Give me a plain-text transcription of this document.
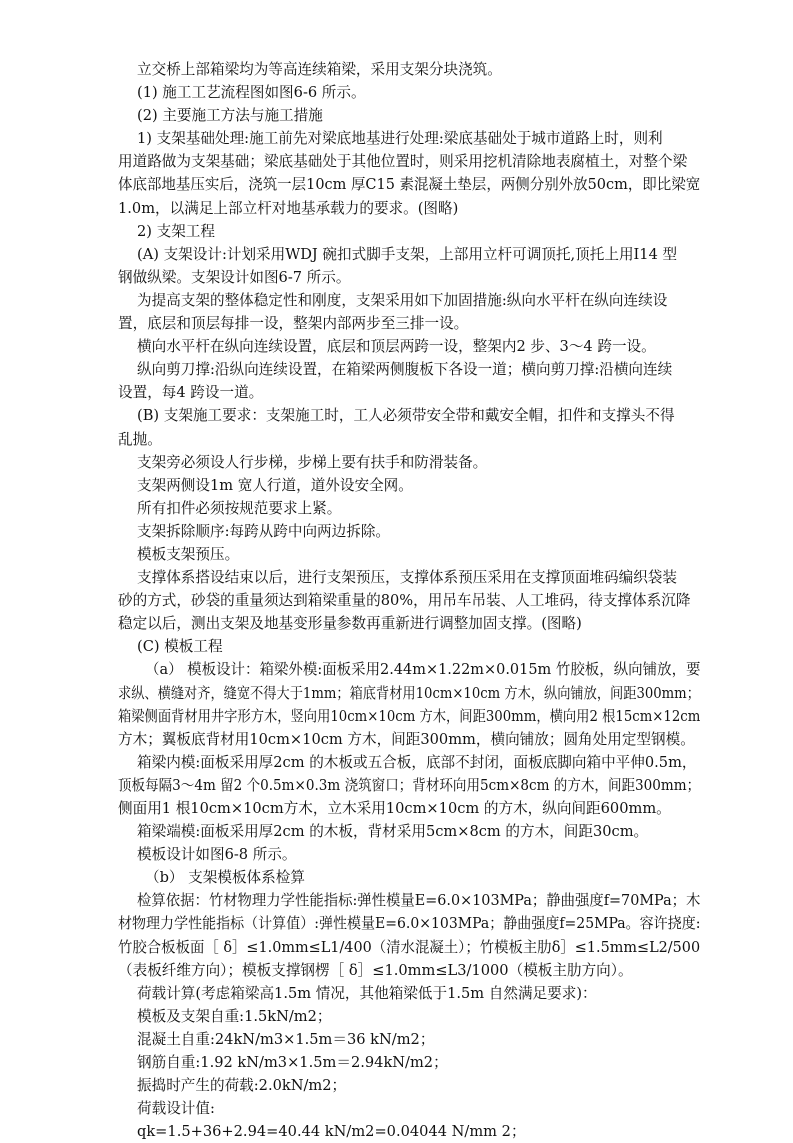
立交桥上部箱梁均为等高连续箱梁，采用支架分块浇筑。
(1) 施工工艺流程图如图6-6 所示。
(2) 主要施工方法与施工措施
1) 支架基础处理:施工前先对梁底地基进行处理:梁底基础处于城市道路上时，则利
用道路做为支架基础；梁底基础处于其他位置时，则采用挖机清除地表腐植土，对整个梁
体底部地基压实后，浇筑一层10cm 厚C15 素混凝土垫层，两侧分别外放50cm，即比梁宽
1.0m，以满足上部立杆对地基承载力的要求。(图略)
2) 支架工程
(A) 支架设计:计划采用WDJ 碗扣式脚手支架，上部用立杆可调顶托,顶托上用I14 型
钢做纵梁。支架设计如图6-7 所示。
为提高支架的整体稳定性和刚度，支架采用如下加固措施:纵向水平杆在纵向连续设
置，底层和顶层每排一设，整架内部两步至三排一设。
横向水平杆在纵向连续设置，底层和顶层两跨一设，整架内2 步、3～4 跨一设。
纵向剪刀撑:沿纵向连续设置，在箱梁两侧腹板下各设一道；横向剪刀撑:沿横向连续
设置，每4 跨设一道。
(B) 支架施工要求：支架施工时，工人必须带安全带和戴安全帽，扣件和支撑头不得
乱抛。
支架旁必须设人行步梯，步梯上要有扶手和防滑装备。
支架两侧设1m 宽人行道，道外设安全网。
所有扣件必须按规范要求上紧。
支架拆除顺序:每跨从跨中向两边拆除。
模板支架预压。
支撑体系搭设结束以后，进行支架预压，支撑体系预压采用在支撑顶面堆码编织袋装
砂的方式，砂袋的重量须达到箱梁重量的80%，用吊车吊装、人工堆码，待支撑体系沉降
稳定以后，测出支架及地基变形量参数再重新进行调整加固支撑。(图略)
(C) 模板工程
（a） 模板设计：箱梁外模:面板采用2.44m×1.22m×0.015m 竹胶板，纵向铺放，要
求纵、横缝对齐，缝宽不得大于1mm；箱底背材用10cm×10cm 方木，纵向铺放，间距300mm；
箱梁侧面背材用井字形方木，竖向用10cm×10cm 方木，间距300mm，横向用2 根15cm×12cm
方木；翼板底背材用10cm×10cm 方木，间距300mm，横向铺放；圆角处用定型钢模。
箱梁内模:面板采用厚2cm 的木板或五合板，底部不封闭，面板底脚向箱中平伸0.5m，
顶板每隔3～4m 留2 个0.5m×0.3m 浇筑窗口；背材环向用5cm×8cm 的方木，间距300mm；
侧面用1 根10cm×10cm方木，立木采用10cm×10cm 的方木，纵向间距600mm。
箱梁端模:面板采用厚2cm 的木板，背材采用5cm×8cm 的方木，间距30cm。
模板设计如图6-8 所示。
（b） 支架模板体系检算
检算依据：竹材物理力学性能指标:弹性模量E=6.0×103MPa；静曲强度f=70MPa；木
材物理力学性能指标（计算值）:弹性模量E=6.0×103MPa；静曲强度f=25MPa。容许挠度:
竹胶合板板面［ δ］≤1.0mm≤L1/400（清水混凝土）；竹模板主肋δ］≤1.5mm≤L2/500
（表板纤维方向）；模板支撑钢楞［ δ］≤1.0mm≤L3/1000（模板主肋方向）。
荷载计算(考虑箱梁高1.5m 情况，其他箱梁低于1.5m 自然满足要求)：
模板及支架自重:1.5kN/m2；
混凝土自重:24kN/m3×1.5m＝36 kN/m2；
钢筋自重:1.92 kN/m3×1.5m＝2.94kN/m2；
振捣时产生的荷载:2.0kN/m2；
荷载设计值:
qk=1.5+36+2.94=40.44 kN/m2=0.04044 N/mm 2；
